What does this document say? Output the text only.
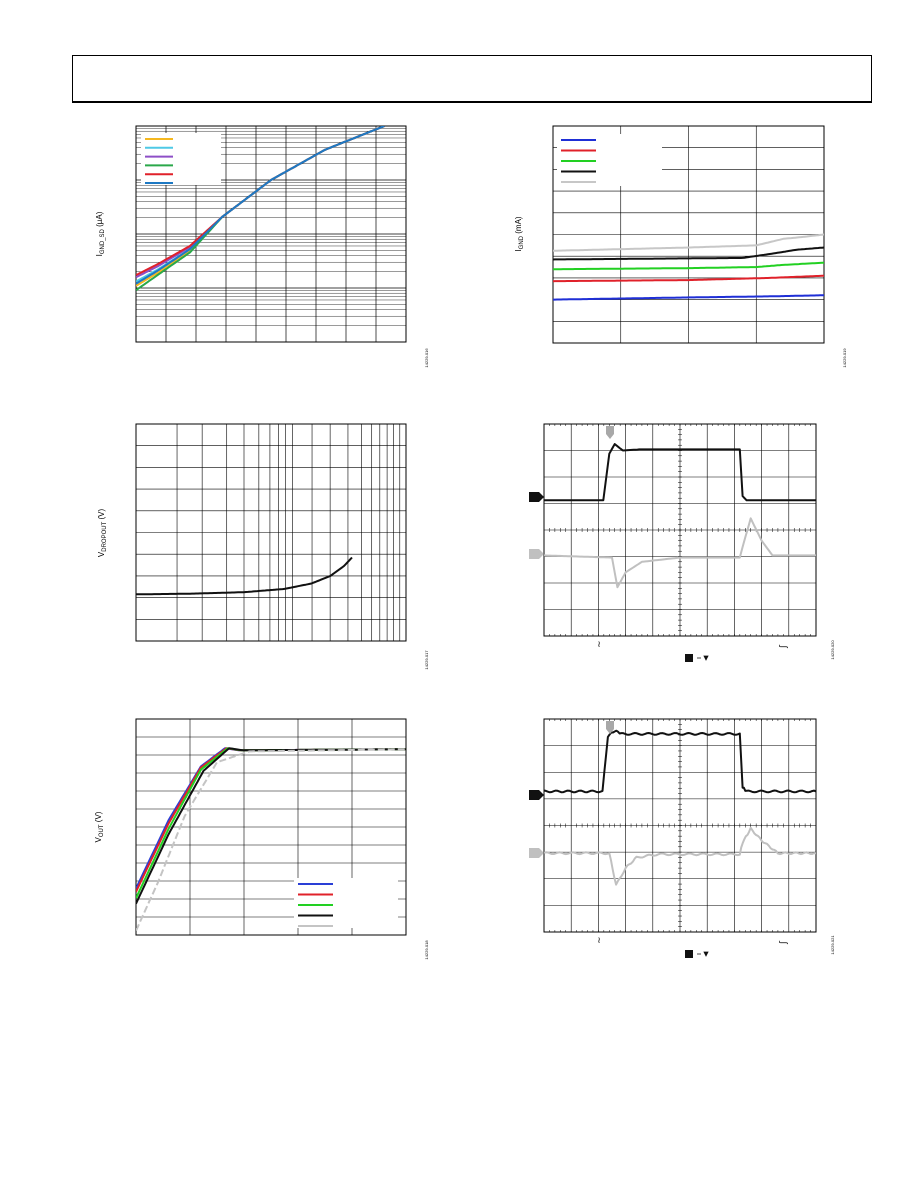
$I_{GND\_SD}$ (µA)
14229-016
$I_{GND}$ (mA)
14229-019
$V_{DROPOUT}$ (V)
14229-017
~	ʃ	14229-020
~	ʃ	14229-021
$V_{OUT}$ (V)
14229-018
